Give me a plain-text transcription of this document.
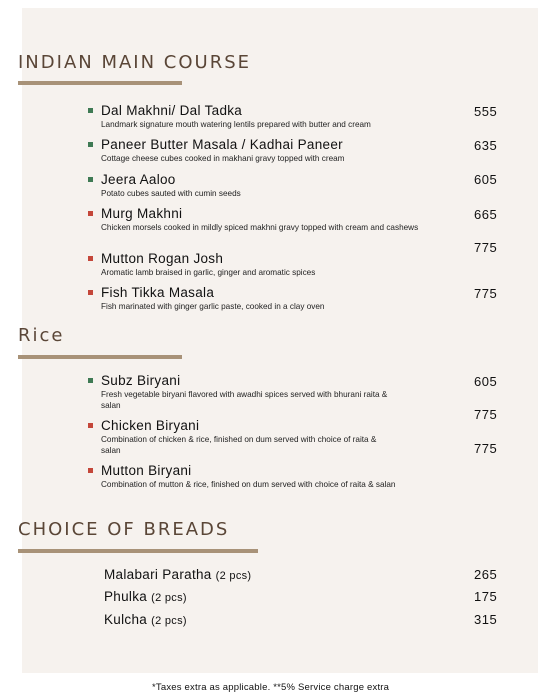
INDIAN MAIN COURSE
Dal Makhni/ Dal Tadka
Landmark signature mouth watering lentils prepared with butter and cream
Paneer Butter Masala / Kadhai Paneer
Cottage cheese cubes cooked in makhani gravy topped with cream
Jeera Aaloo
Potato cubes sauted with cumin seeds
Murg Makhni
Chicken morsels cooked in mildly spiced makhni gravy topped with cream and cashews
Mutton Rogan Josh
Aromatic lamb braised in garlic, ginger and aromatic spices
Fish Tikka Masala
Fish marinated with ginger garlic paste, cooked in a clay oven
555
635
605
665
775
775
Rice
Subz Biryani
Fresh vegetable biryani flavored with awadhi spices served with bhurani raita & salan
Chicken Biryani
Combination of chicken & rice, finished on dum served with choice of raita & salan
Mutton Biryani
Combination of mutton & rice, finished on dum served with choice of raita & salan
605
775
775
CHOICE OF BREADS
Malabari Paratha (2 pcs)
Phulka (2 pcs)
Kulcha (2 pcs)
265
175
315
*Taxes extra as applicable. **5% Service charge extra
